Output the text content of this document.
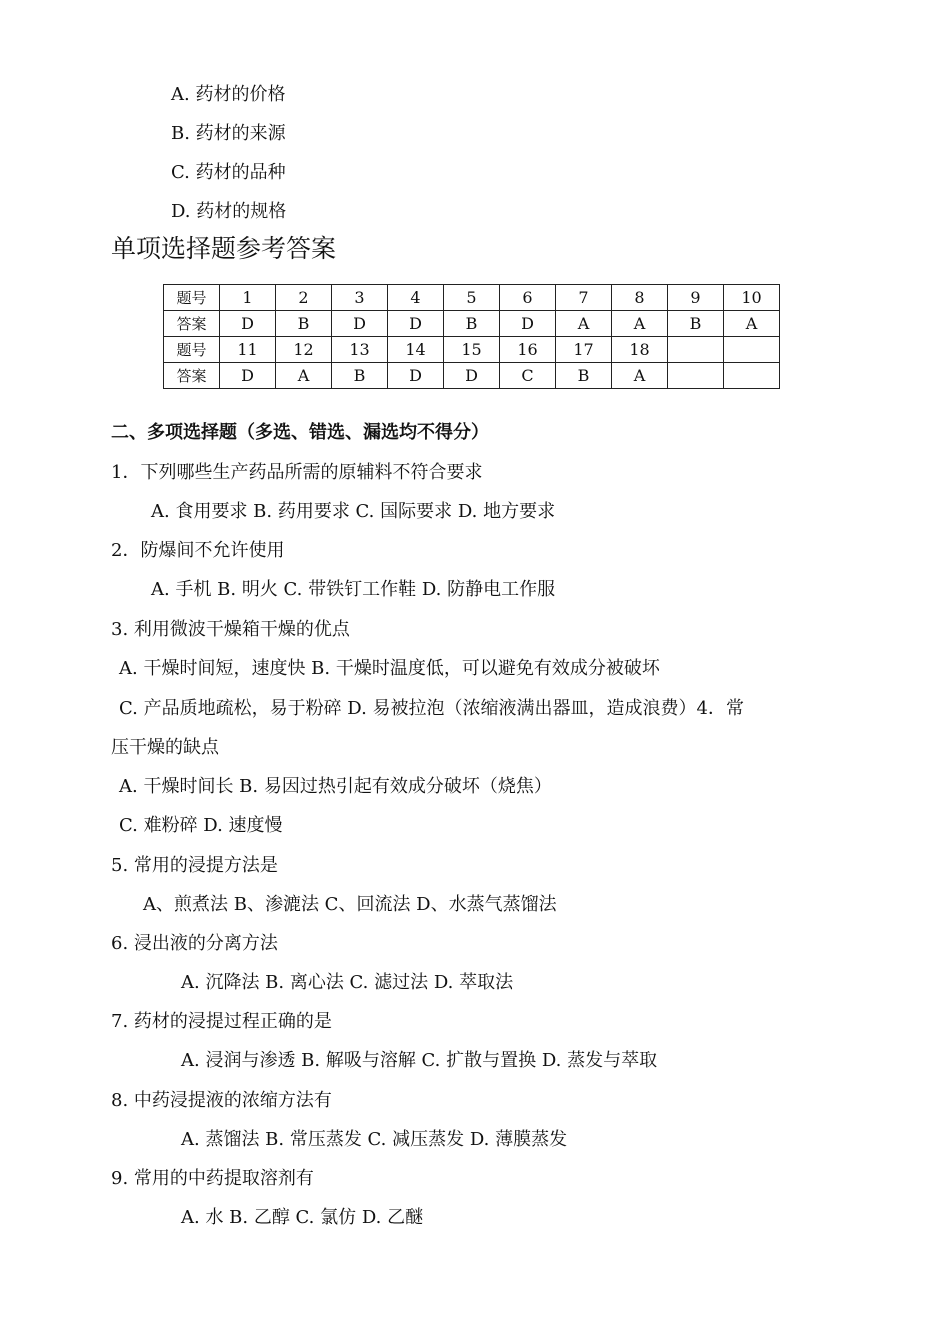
A. 药材的价格
B. 药材的来源
C. 药材的品种
D. 药材的规格
单项选择题参考答案
题号	1	2	3	4	5	6	7	8	9	10
答案	D	B	D	D	B	D	A	A	B	A
题号	11	12	13	14	15	16	17	18		
答案	D	A	B	D	D	C	B	A		
二、多项选择题（多选、错选、漏选均不得分）
1．下列哪些生产药品所需的原辅料不符合要求
A. 食用要求 B. 药用要求 C. 国际要求 D. 地方要求
2．防爆间不允许使用
A. 手机 B. 明火 C. 带铁钉工作鞋 D. 防静电工作服
3. 利用微波干燥箱干燥的优点
A. 干燥时间短，速度快 B. 干燥时温度低，可以避免有效成分被破坏
C. 产品质地疏松，易于粉碎 D. 易被拉泡（浓缩液满出器皿，造成浪费）4．常
压干燥的缺点
A. 干燥时间长 B. 易因过热引起有效成分破坏（烧焦）
C. 难粉碎 D. 速度慢
5. 常用的浸提方法是
A、煎煮法 B、渗漉法 C、回流法 D、水蒸气蒸馏法
6. 浸出液的分离方法
A. 沉降法 B. 离心法 C. 滤过法 D. 萃取法
7. 药材的浸提过程正确的是
A. 浸润与渗透 B. 解吸与溶解 C. 扩散与置换 D. 蒸发与萃取
8. 中药浸提液的浓缩方法有
A. 蒸馏法 B. 常压蒸发 C. 减压蒸发 D. 薄膜蒸发
9. 常用的中药提取溶剂有
A. 水 B. 乙醇 C. 氯仿 D. 乙醚
